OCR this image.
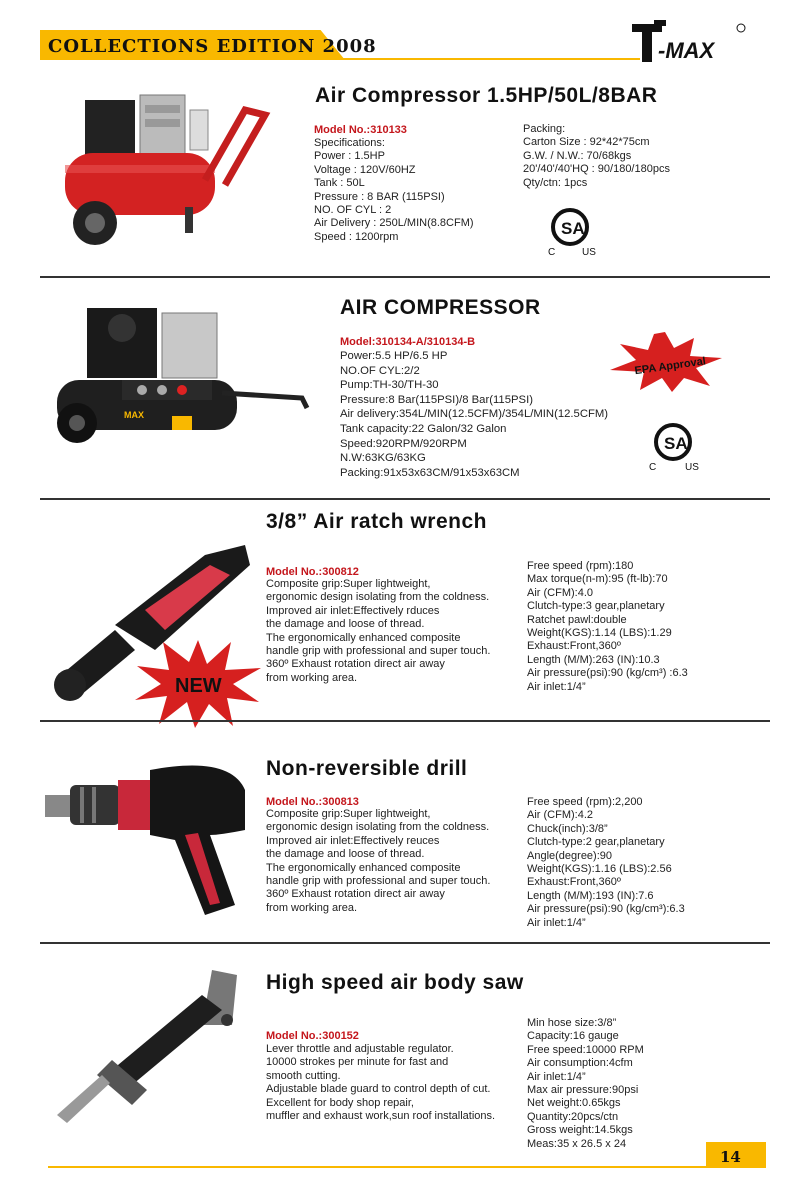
COLLECTIONS EDITION 2008	-MAX
Air Compressor 1.5HP/50L/8BAR
Model No.:310133
Specifications:
Power : 1.5HP
Voltage : 120V/60HZ
Tank : 50L
Pressure : 8 BAR (115PSI)
NO. OF CYL : 2
Air Delivery : 250L/MIN(8.8CFM)
Speed : 1200rpm
Packing:
Carton Size : 92*42*75cm
G.W. / N.W.: 70/68kgs
20'/40'/40'HQ : 90/180/180pcs
Qty/ctn: 1pcs
SA
C	US
MAX
AIR COMPRESSOR
Model:310134-A/310134-B
Power:5.5 HP/6.5 HP
NO.OF CYL:2/2
Pump:TH-30/TH-30
Pressure:8 Bar(115PSI)/8 Bar(115PSI)
Air delivery:354L/MIN(12.5CFM)/354L/MIN(12.5CFM)
Tank capacity:22 Galon/32 Galon
Speed:920RPM/920RPM
N.W:63KG/63KG
Packing:91x53x63CM/91x53x63CM
EPA Approval
SA
C	US
NEW
3/8” Air ratch wrench
Model No.:300812
Composite grip:Super lightweight,
ergonomic design isolating from the coldness.
Improved air inlet:Effectively rduces
the damage and loose of thread.
The ergonomically enhanced composite
handle grip with professional and super touch.
360º Exhaust rotation direct air away
from working area.
Free speed (rpm):180
Max torque(n-m):95 (ft-lb):70
Air (CFM):4.0
Clutch-type:3 gear,planetary
Ratchet pawl:double
Weight(KGS):1.14 (LBS):1.29
Exhaust:Front,360º
Length (M/M):263 (IN):10.3
Air pressure(psi):90 (kg/cm³) :6.3
Air inlet:1/4”
Non-reversible drill
Model No.:300813
Composite grip:Super lightweight,
ergonomic design isolating from the coldness.
Improved air inlet:Effectively reuces
the damage and loose of thread.
The ergonomically enhanced composite
handle grip with professional and super touch.
360º Exhaust rotation direct air away
from working area.
Free speed (rpm):2,200
Air (CFM):4.2
Chuck(inch):3/8”
Clutch-type:2 gear,planetary
Angle(degree):90
Weight(KGS):1.16 (LBS):2.56
Exhaust:Front,360º
Length (M/M):193 (IN):7.6
Air pressure(psi):90 (kg/cm³):6.3
Air inlet:1/4”
High speed air body saw
Model No.:300152
Lever throttle and adjustable regulator.
10000 strokes per minute for fast and
smooth cutting.
Adjustable blade guard to control depth of cut.
Excellent for body shop repair,
muffler and exhaust work,sun roof installations.
Min hose size:3/8”
Capacity:16 gauge
Free speed:10000 RPM
Air consumption:4cfm
Air inlet:1/4”
Max air pressure:90psi
Net weight:0.65kgs
Quantity:20pcs/ctn
Gross weight:14.5kgs
Meas:35 x 26.5 x 24
14
